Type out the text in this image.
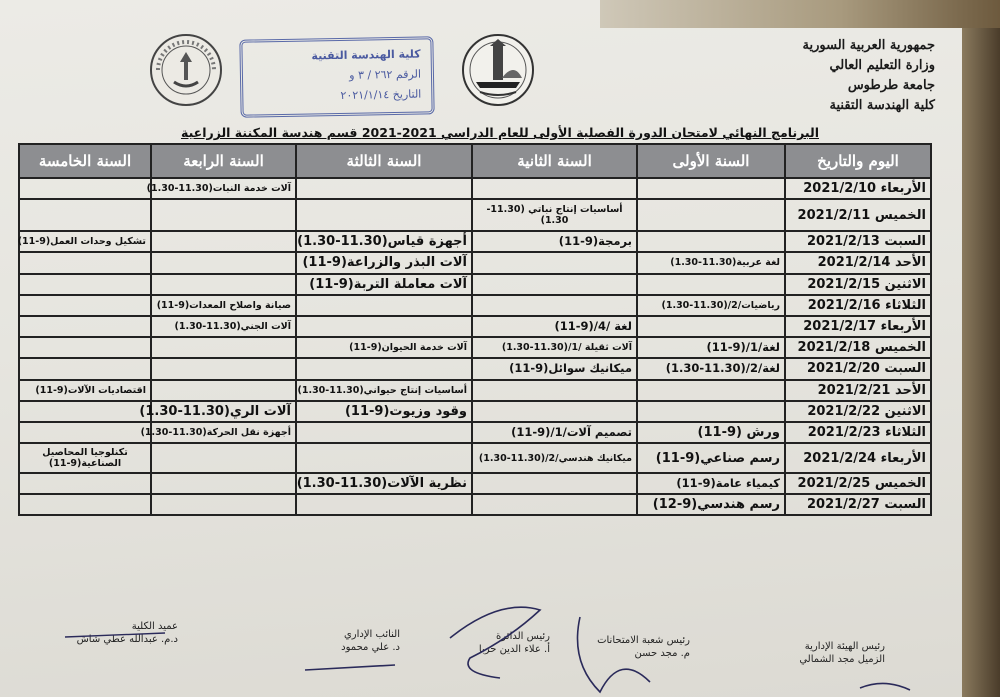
جمهورية العربية السورية
وزارة التعليم العالي
جامعة طرطوس
كلية الهندسة التقنية
كلية الهندسة التقنية
الرقم ٢٦٢ / ٣ و
التاريخ ٢٠٢١/١/١٤
البرنامج النهائي لامتحان الدورة الفصلية الأولى للعام الدراسي 2021-2021 قسم هندسة المكننة الزراعية
اليوم والتاريخ	السنة الأولى	السنة الثانية	السنة الثالثة	السنة الرابعة	السنة الخامسة
الأربعاء 2021/2/10				آلات خدمة النبات(11.30-1.30)	
الخميس 2021/2/11		أساسيات إنتاج نباتي (11.30-1.30)			
السبت 2021/2/13		برمجة(9-11)	أجهزة قياس(11.30-1.30)		تشكيل وحدات العمل(9-11)
الأحد 2021/2/14	لغة عربية(11.30-1.30)		آلات البذر والزراعة(9-11)		
الاثنين 2021/2/15			آلات معاملة التربة(9-11)		
الثلاثاء 2021/2/16	رياضيات/2/(11.30-1.30)			صيانة واصلاح المعدات(9-11)	
الأربعاء 2021/2/17		لغة /4/(9-11)		آلات الجني(11.30-1.30)	
الخميس 2021/2/18	لغة/1/(9-11)	آلات ثقيلة /1/(11.30-1.30)	آلات خدمة الحيوان(9-11)		
السبت 2021/2/20	لغة/2/(11.30-1.30)	ميكانيك سوائل(9-11)			
الأحد 2021/2/21			أساسيات إنتاج حيواني(11.30-1.30)		اقتصاديات الآلات(9-11)
الاثنين 2021/2/22			وقود وزيوت(9-11)	آلات الري(11.30-1.30)	
الثلاثاء 2021/2/23	ورش (9-11)	تصميم آلات/1/(9-11)		أجهزة نقل الحركة(11.30-1.30)	
الأربعاء 2021/2/24	رسم صناعي(9-11)	ميكانيك هندسي/2/(11.30-1.30)			تكنلوجيا المحاصيل الصناعية(9-11)
الخميس 2021/2/25	كيمياء عامة(9-11)		نظرية الآلات(11.30-1.30)		
السبت 2021/2/27	رسم هندسي(9-12)				
رئيس الهيئة الإدارية
الزميل مجد الشمالي
رئيس شعبة الامتحانات
م. مجد حسن
رئيس الدائرة
أ. علاء الدين حربا
النائب الإداري
د. علي محمود
عميد الكلية
د.م. عبدالله عطي شاش
